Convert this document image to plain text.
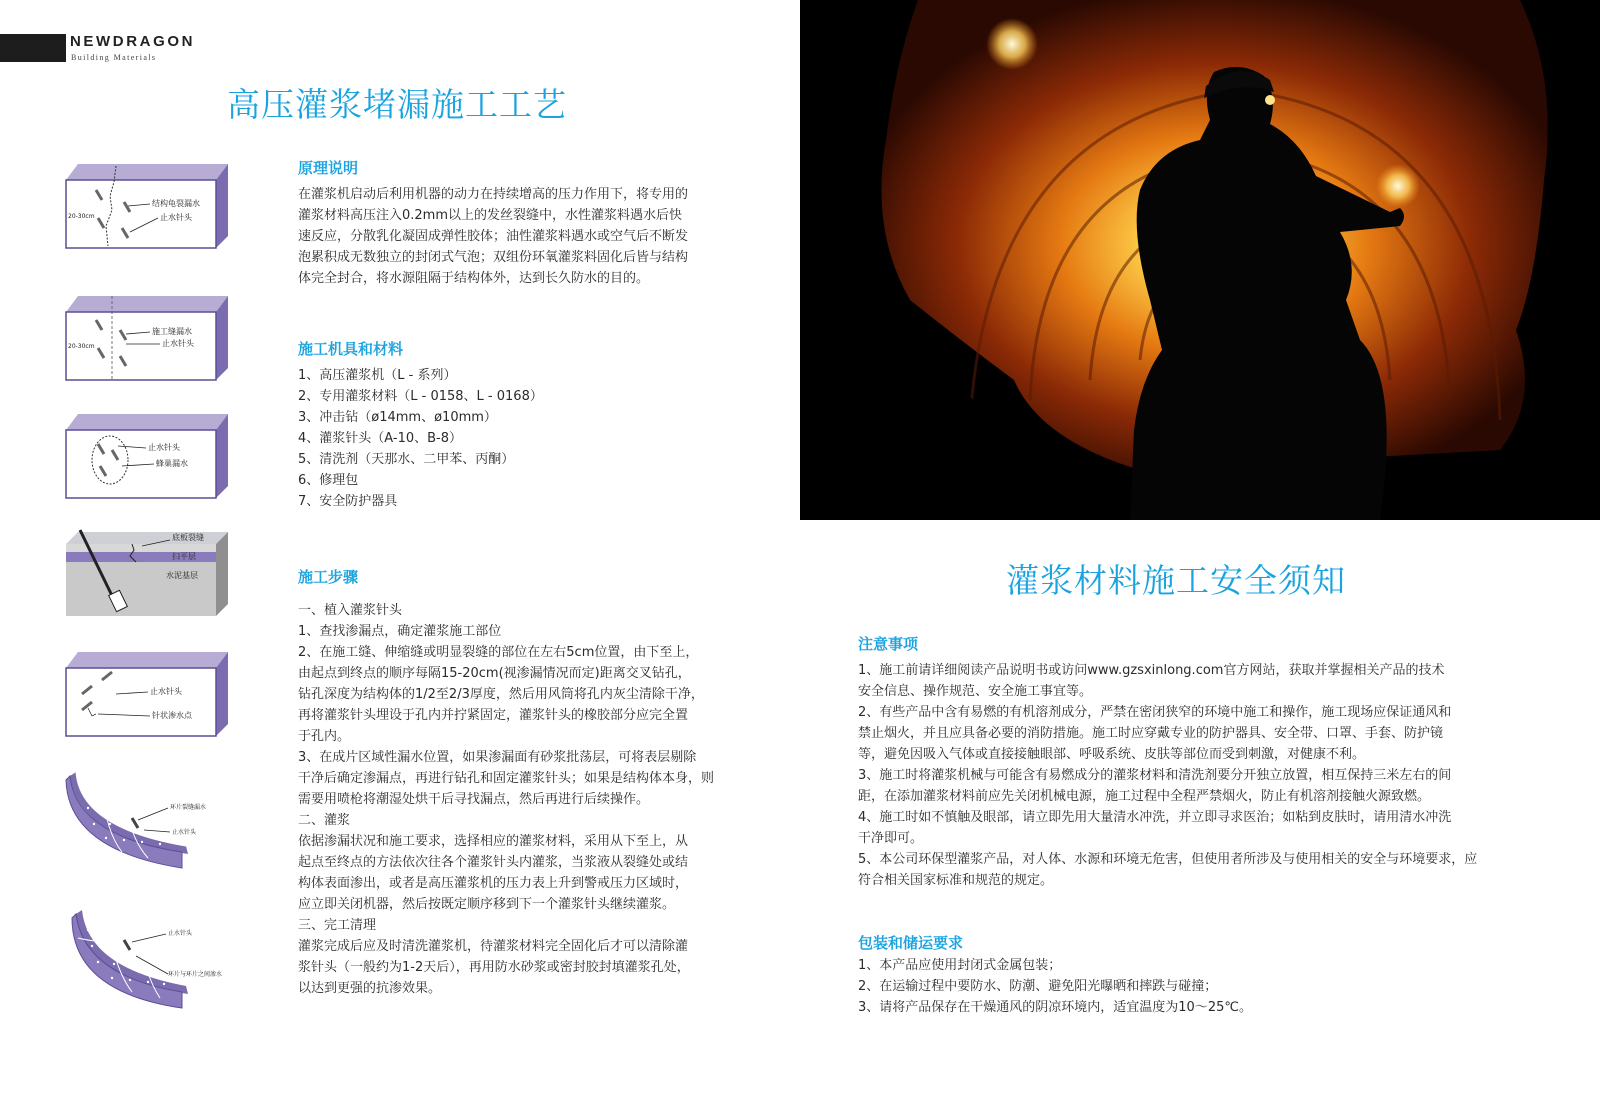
NEWDRAGON
Building Materials
高压灌浆堵漏施工工艺
结构龟裂漏水
止水针头
20-30cm
施工缝漏水
止水针头
20-30cm
止水针头
蜂巢漏水
底板裂缝
扫平层
水泥基层
止水针头
针状渗水点
环片裂缝漏水
止水针头
止水针头
环片与环片之间渗水
原理说明

在灌浆机启动后利用机器的动力在持续增高的压力作用下，将专用的

灌浆材料高压注入0.2mm以上的发丝裂缝中，水性灌浆料遇水后快

速反应，分散乳化凝固成弹性胶体；油性灌浆料遇水或空气后不断发

泡累积成无数独立的封闭式气泡；双组份环氧灌浆料固化后皆与结构

体完全封合，将水源阻隔于结构体外，达到长久防水的目的。

施工机具和材料

1、高压灌浆机（L - 系列）

2、专用灌浆材料（L - 0158、L - 0168）

3、冲击钻（ø14mm、ø10mm）

4、灌浆针头（A-10、B-8）

5、清洗剂（天那水、二甲苯、丙酮）

6、修理包

7、安全防护器具

施工步骤

一、植入灌浆针头

1、查找渗漏点，确定灌浆施工部位

2、在施工缝、伸缩缝或明显裂缝的部位在左右5cm位置，由下至上，

由起点到终点的顺序每隔15-20cm(视渗漏情况而定)距离交叉钻孔，

钻孔深度为结构体的1/2至2/3厚度，然后用风筒将孔内灰尘清除干净，

再将灌浆针头埋设于孔内并拧紧固定，灌浆针头的橡胶部分应完全置

于孔内。

3、在成片区域性漏水位置，如果渗漏面有砂浆批荡层，可将表层剔除

干净后确定渗漏点，再进行钻孔和固定灌浆针头；如果是结构体本身，则

需要用喷枪将潮湿处烘干后寻找漏点，然后再进行后续操作。

二、灌浆

依据渗漏状况和施工要求，选择相应的灌浆材料，采用从下至上，从

起点至终点的方法依次往各个灌浆针头内灌浆，当浆液从裂缝处或结

构体表面渗出，或者是高压灌浆机的压力表上升到警戒压力区域时，

应立即关闭机器，然后按既定顺序移到下一个灌浆针头继续灌浆。

三、完工清理

灌浆完成后应及时清洗灌浆机，待灌浆材料完全固化后才可以清除灌

浆针头（一般约为1-2天后），再用防水砂浆或密封胶封填灌浆孔处，

以达到更强的抗渗效果。

灌浆材料施工安全须知
注意事项

1、施工前请详细阅读产品说明书或访问www.gzsxinlong.com官方网站，获取并掌握相关产品的技术

安全信息、操作规范、安全施工事宜等。

2、有些产品中含有易燃的有机溶剂成分，严禁在密闭狭窄的环境中施工和操作，施工现场应保证通风和

禁止烟火，并且应具备必要的消防措施。施工时应穿戴专业的防护器具、安全带、口罩、手套、防护镜

等，避免因吸入气体或直接接触眼部、呼吸系统、皮肤等部位而受到刺激，对健康不利。

3、施工时将灌浆机械与可能含有易燃成分的灌浆材料和清洗剂要分开独立放置，相互保持三米左右的间

距，在添加灌浆材料前应先关闭机械电源，施工过程中全程严禁烟火，防止有机溶剂接触火源致燃。

4、施工时如不慎触及眼部，请立即先用大量清水冲洗，并立即寻求医治；如粘到皮肤时，请用清水冲洗

干净即可。

5、本公司环保型灌浆产品，对人体、水源和环境无危害，但使用者所涉及与使用相关的安全与环境要求，应

符合相关国家标准和规范的规定。

包装和储运要求

1、本产品应使用封闭式金属包装；

2、在运输过程中要防水、防潮、避免阳光曝晒和摔跌与碰撞；

3、请将产品保存在干燥通风的阴凉环境内，适宜温度为10～25℃。
